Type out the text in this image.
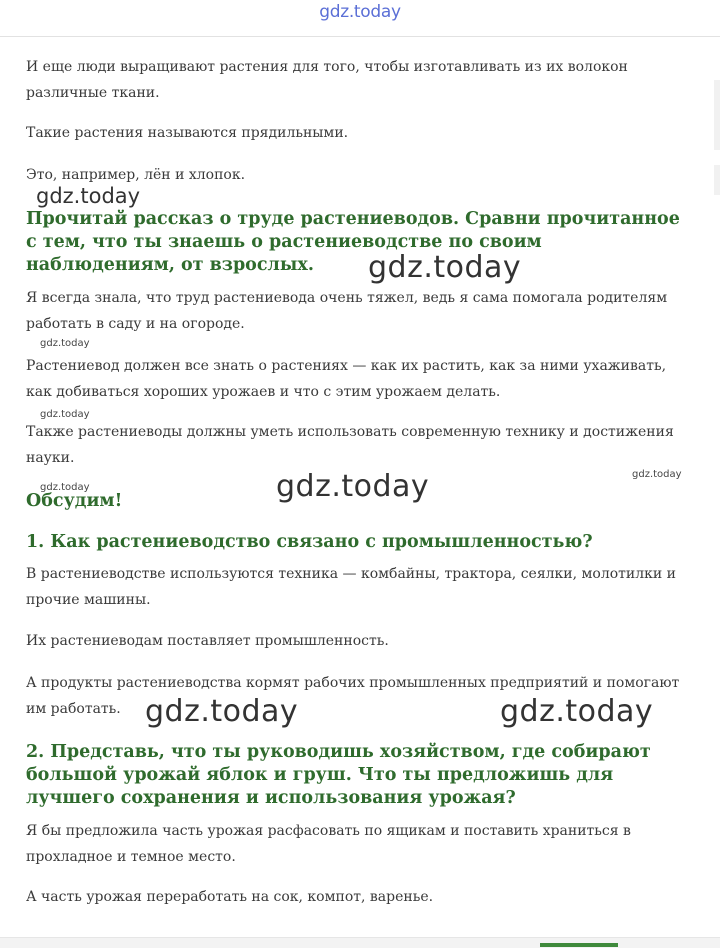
gdz.today

И еще люди выращивают растения для того, чтобы изготавливать из их волокон различные ткани.

Такие растения называются прядильными.

Это, например, лён и хлопок.

Прочитай рассказ о труде растениеводов. Сравни прочитанное с тем, что ты знаешь о растениеводстве по своим наблюдениям, от взрослых.

Я всегда знала, что труд растениевода очень тяжел, ведь я сама помогала родителям работать в саду и на огороде.

Растениевод должен все знать о растениях — как их растить, как за ними ухаживать, как добиваться хороших урожаев и что с этим урожаем делать.

Также растениеводы должны уметь использовать современную технику и достижения науки.

Обсудим!
1. Как растениеводство связано с промышленностью?

В растениеводстве используются техника — комбайны, трактора, сеялки, молотилки и прочие машины.

Их растениеводам поставляет промышленность.

А продукты растениеводства кормят рабочих промышленных предприятий и помогают им работать.

2. Представь, что ты руководишь хозяйством, где собирают большой урожай яблок и груш. Что ты предложишь для лучшего сохранения и использования урожая?

Я бы предложила часть урожая расфасовать по ящикам и поставить храниться в прохладное и темное место.

А часть урожая переработать на сок, компот, варенье.

gdz.today
gdz.today
gdz.today
gdz.today
gdz.today
gdz.today
gdz.today
gdz.today	gdz.today
